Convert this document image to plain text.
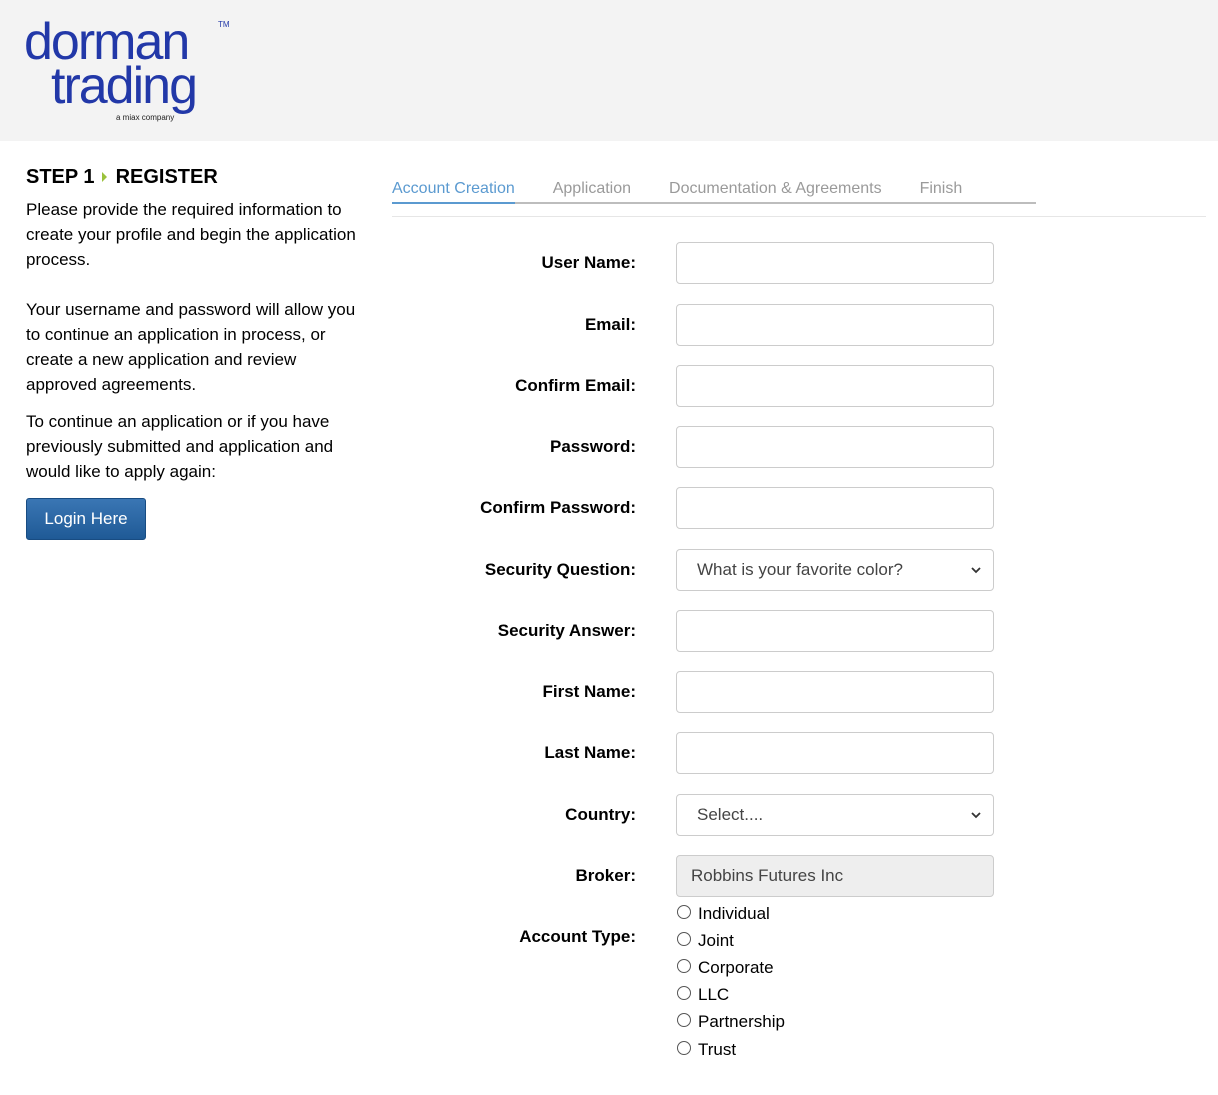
dorman
trading
TM
a miax company
STEP 1 REGISTER

Please provide the required information to create your profile and begin the application process.

Your username and password will allow you to continue an application in process, or create a new application and review approved agreements.

To continue an application or if you have previously submitted and application and would like to apply again:

Login Here
Account Creation Application Documentation & Agreements Finish
User Name:
Email:
Confirm Email:
Password:
Confirm Password:
Security Question:	What is your favorite color?
Security Answer:
First Name:
Last Name:
Country:	Select....
Broker:	Robbins Futures Inc
Account Type:
Individual
Joint
Corporate
LLC
Partnership
Trust
